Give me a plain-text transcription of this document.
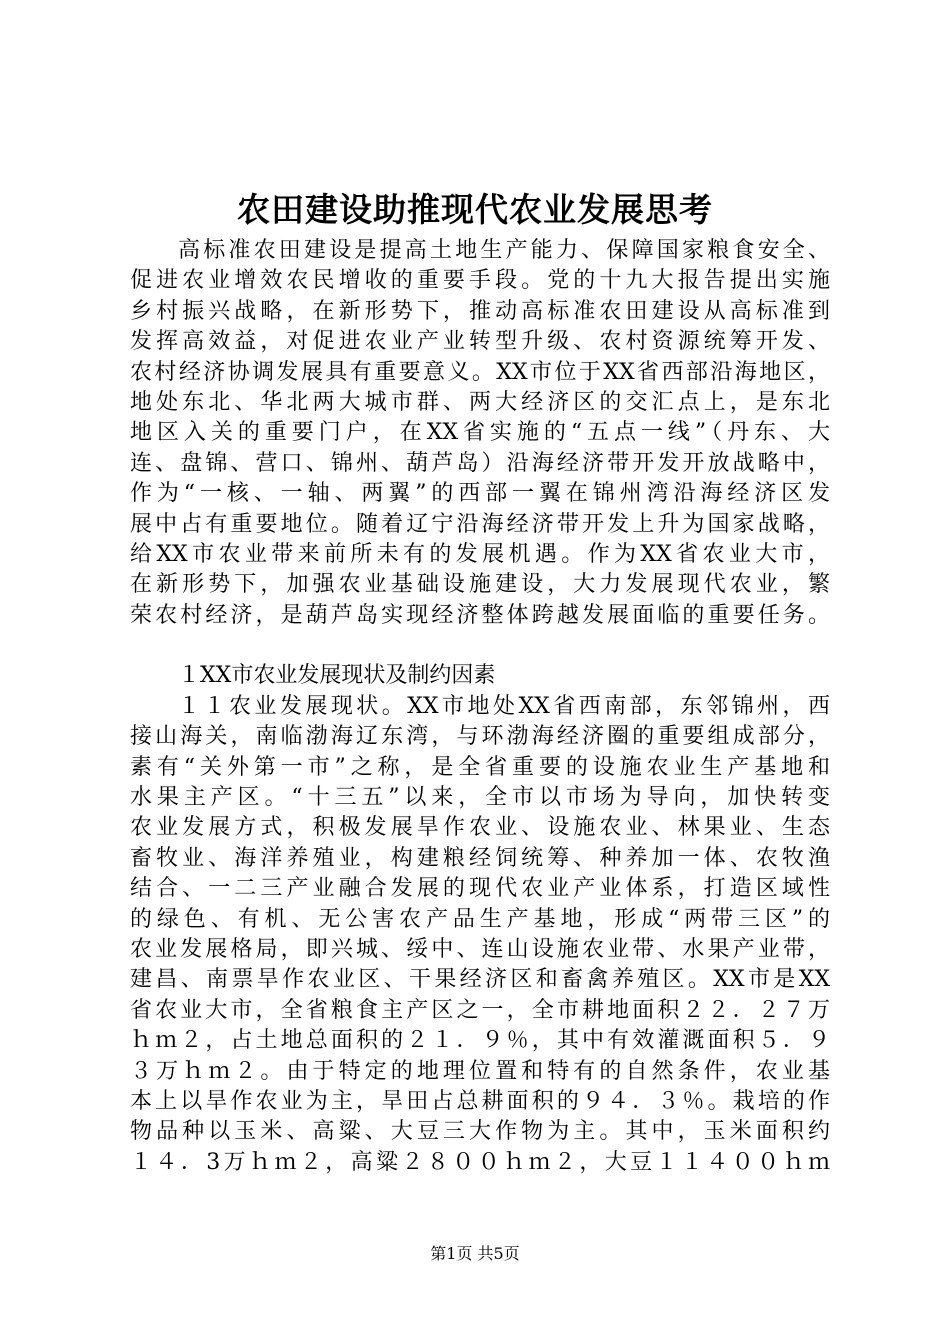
农田建设助推现代农业发展思考
高标准农田建设是提高土地生产能力、保障国家粮食安全、
促进农业增效农民增收的重要手段。党的十九大报告提出实施
乡村振兴战略，在新形势下，推动高标准农田建设从高标准到
发挥高效益，对促进农业产业转型升级、农村资源统筹开发、
农村经济协调发展具有重要意义。XX市位于XX省西部沿海地区，
地处东北、华北两大城市群、两大经济区的交汇点上，是东北
地区入关的重要门户，在XX省实施的“五点一线”（丹东、大
连、盘锦、营口、锦州、葫芦岛）沿海经济带开发开放战略中，
作为“一核、一轴、两翼”的西部一翼在锦州湾沿海经济区发
展中占有重要地位。随着辽宁沿海经济带开发上升为国家战略，
给XX市农业带来前所未有的发展机遇。作为XX省农业大市，
在新形势下，加强农业基础设施建设，大力发展现代农业，繁
荣农村经济，是葫芦岛实现经济整体跨越发展面临的重要任务。
１XX市农业发展现状及制约因素
１１农业发展现状。XX市地处XX省西南部，东邻锦州，西
接山海关，南临渤海辽东湾，与环渤海经济圈的重要组成部分，
素有“关外第一市”之称，是全省重要的设施农业生产基地和
水果主产区。“十三五”以来，全市以市场为导向，加快转变
农业发展方式，积极发展旱作农业、设施农业、林果业、生态
畜牧业、海洋养殖业，构建粮经饲统筹、种养加一体、农牧渔
结合、一二三产业融合发展的现代农业产业体系，打造区域性
的绿色、有机、无公害农产品生产基地，形成“两带三区”的
农业发展格局，即兴城、绥中、连山设施农业带、水果产业带，
建昌、南票旱作农业区、干果经济区和畜禽养殖区。XX市是XX
省农业大市，全省粮食主产区之一，全市耕地面积２２．２７万
ｈｍ２，占土地总面积的２１．９％，其中有效灌溉面积５．９
３万ｈｍ２。由于特定的地理位置和特有的自然条件，农业基
本上以旱作农业为主，旱田占总耕面积的９４．３％。栽培的作
物品种以玉米、高粱、大豆三大作物为主。其中，玉米面积约
１４．3万ｈｍ２，高粱２８００ｈｍ２，大豆１１４００ｈｍ
第1页 共5页
